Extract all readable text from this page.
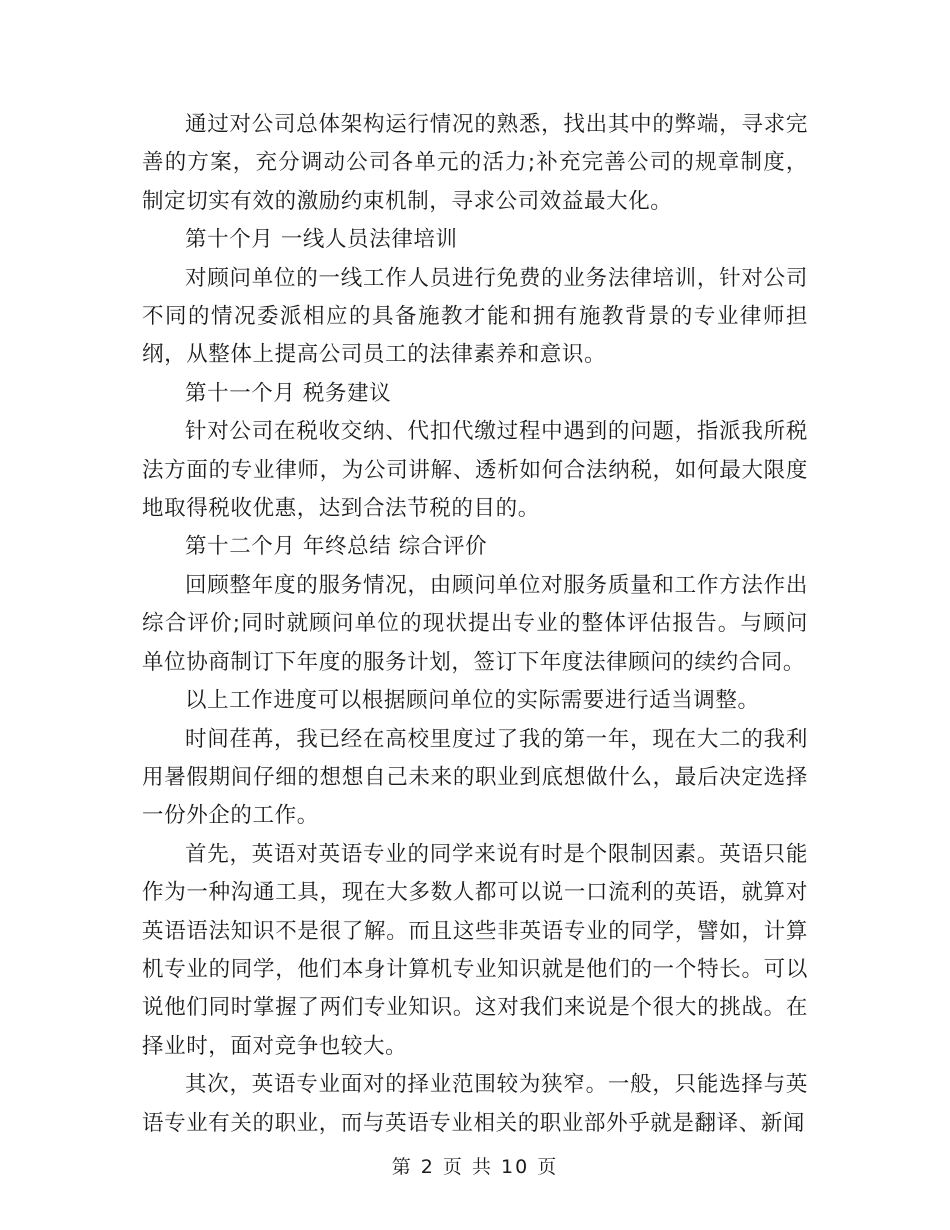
通过对公司总体架构运行情况的熟悉，找出其中的弊端，寻求完善的方案，充分调动公司各单元的活力;补充完善公司的规章制度，制定切实有效的激励约束机制，寻求公司效益最大化。

第十个月 一线人员法律培训

对顾问单位的一线工作人员进行免费的业务法律培训，针对公司不同的情况委派相应的具备施教才能和拥有施教背景的专业律师担纲，从整体上提高公司员工的法律素养和意识。

第十一个月 税务建议

针对公司在税收交纳、代扣代缴过程中遇到的问题，指派我所税法方面的专业律师，为公司讲解、透析如何合法纳税，如何最大限度地取得税收优惠，达到合法节税的目的。

第十二个月 年终总结 综合评价

回顾整年度的服务情况，由顾问单位对服务质量和工作方法作出综合评价;同时就顾问单位的现状提出专业的整体评估报告。与顾问单位协商制订下年度的服务计划，签订下年度法律顾问的续约合同。

以上工作进度可以根据顾问单位的实际需要进行适当调整。

时间荏苒，我已经在高校里度过了我的第一年，现在大二的我利用暑假期间仔细的想想自己未来的职业到底想做什么，最后决定选择一份外企的工作。

首先，英语对英语专业的同学来说有时是个限制因素。英语只能作为一种沟通工具，现在大多数人都可以说一口流利的英语，就算对英语语法知识不是很了解。而且这些非英语专业的同学，譬如，计算机专业的同学，他们本身计算机专业知识就是他们的一个特长。可以说他们同时掌握了两们专业知识。这对我们来说是个很大的挑战。在择业时，面对竞争也较大。

其次，英语专业面对的择业范围较为狭窄。一般，只能选择与英语专业有关的职业，而与英语专业相关的职业部外乎就是翻译、新闻

第 2 页 共 10 页
